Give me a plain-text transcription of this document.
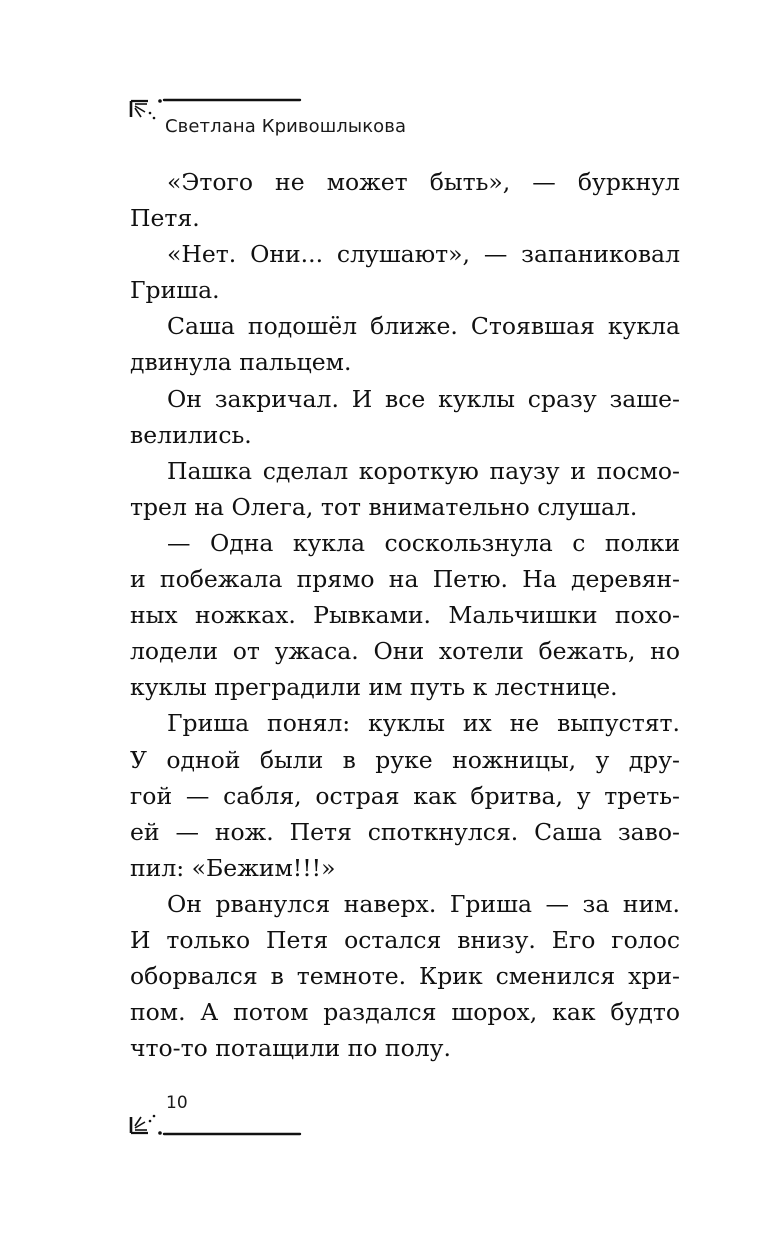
Светлана Кривошлыкова

«Этого не может быть», — буркнул
Петя.

«Нет. Они... слушают», — запаниковал
Гриша.

Саша подошёл ближе. Стоявшая кукла
двинула пальцем.

Он закричал. И все куклы сразу заше-
велились.

Пашка сделал короткую паузу и посмо-
трел на Олега, тот внимательно слушал.

— Одна кукла соскользнула с полки
и побежала прямо на Петю. На деревян-
ных ножках. Рывками. Мальчишки похо-
лодели от ужаса. Они хотели бежать, но
куклы преградили им путь к лестнице.

Гриша понял: куклы их не выпустят.
У одной были в руке ножницы, у дру-
гой — сабля, острая как бритва, у треть-
ей — нож. Петя споткнулся. Саша заво-
пил: «Бежим!!!»

Он рванулся наверх. Гриша — за ним.
И только Петя остался внизу. Его голос
оборвался в темноте. Крик сменился хри-
пом. А потом раздался шорох, как будто
что-то потащили по полу.

10
